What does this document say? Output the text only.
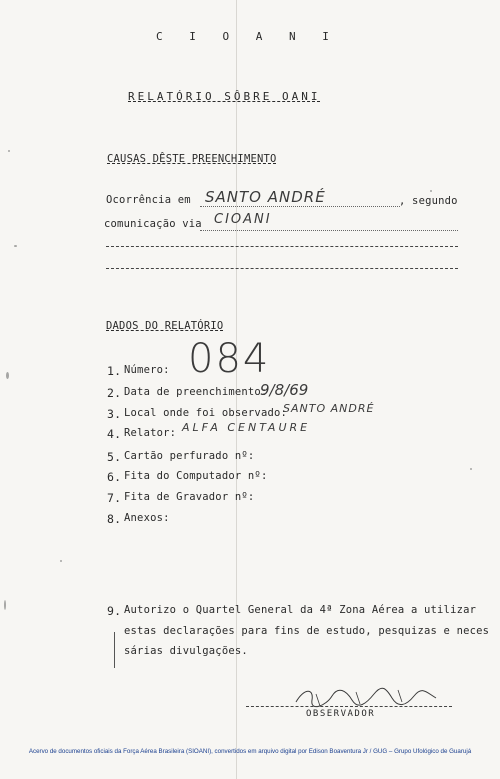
C I O A N I
RELATÓRIO SÔBRE OANI
CAUSAS DÊSTE PREENCHIMENTO
Ocorrência em SANTO ANDRÉ	, segundo
comunicação via CIOANI
DADOS DO RELATÓRIO
1. Número: 084
2. Data de preenchimento:
9/8/69
3. Local onde foi observado:
SANTO ANDRÉ
4. Relator: ALFA CENTAURE
5. Cartão perfurado nº:
6. Fita do Computador nº:
7. Fita de Gravador nº:
8. Anexos:
9. Autorizo o Quartel General da 4ª Zona Aérea a utilizar
estas declarações para fins de estudo, pesquizas e neces
sárias divulgações.
OBSERVADOR
Acervo de documentos oficiais da Força Aérea Brasileira (SIOANI), convertidos em arquivo digital por Edison Boaventura Jr / GUG – Grupo Ufológico de Guarujá
